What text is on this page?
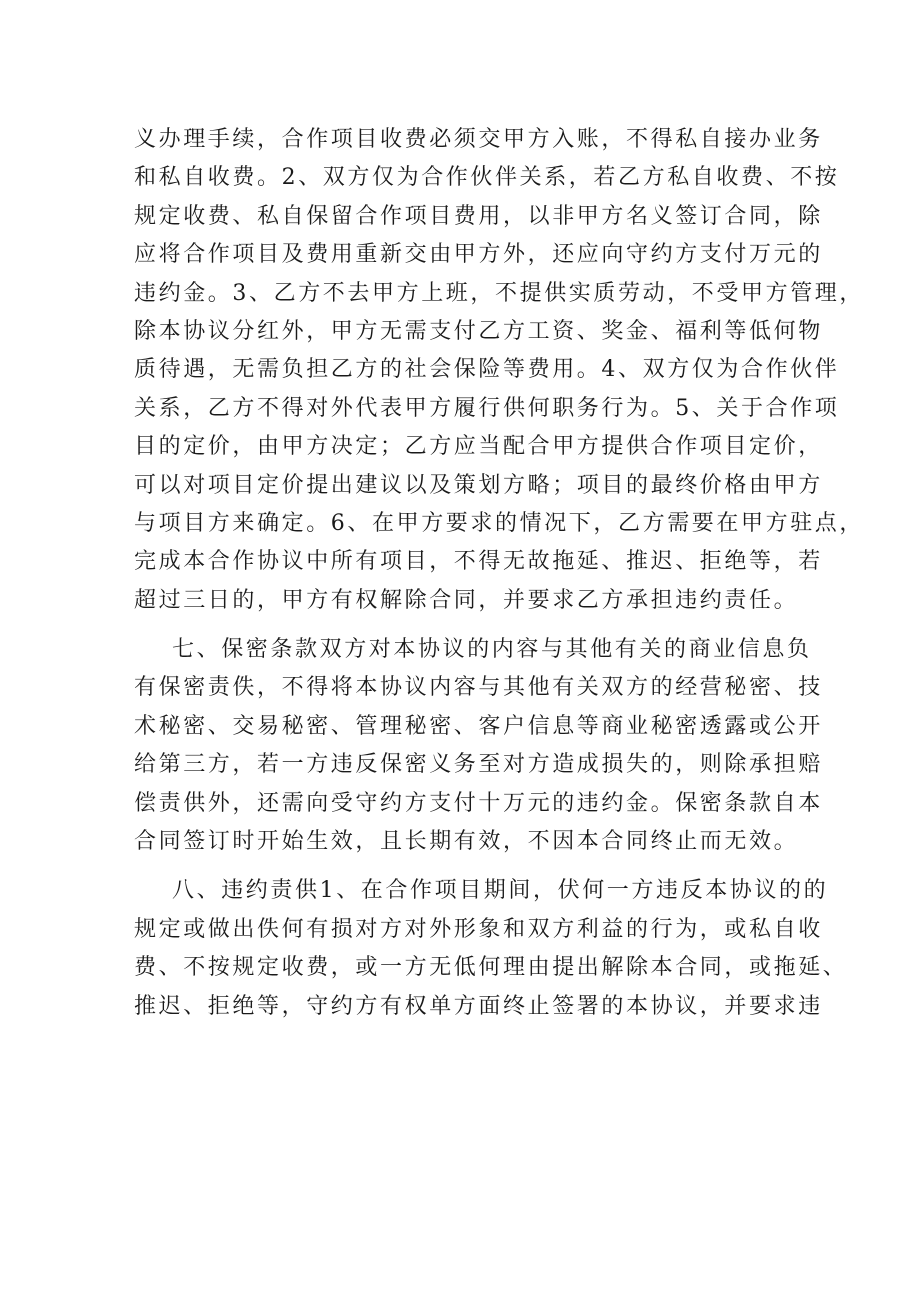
义办理手续，合作项目收费必须交甲方入账，不得私自接办业务
和私自收费。2、双方仅为合作伙伴关系，若乙方私自收费、不按
规定收费、私自保留合作项目费用，以非甲方名义签订合同，除
应将合作项目及费用重新交由甲方外，还应向守约方支付万元的
违约金。3、乙方不去甲方上班，不提供实质劳动，不受甲方管理，
除本协议分红外，甲方无需支付乙方工资、奖金、福利等低何物
质待遇，无需负担乙方的社会保险等费用。4、双方仅为合作伙伴
关系，乙方不得对外代表甲方履行供何职务行为。5、关于合作项
目的定价，由甲方决定；乙方应当配合甲方提供合作项目定价，
可以对项目定价提出建议以及策划方略；项目的最终价格由甲方
与项目方来确定。6、在甲方要求的情况下，乙方需要在甲方驻点，
完成本合作协议中所有项目，不得无故拖延、推迟、拒绝等，若
超过三日的，甲方有权解除合同，并要求乙方承担违约责任。
七、保密条款双方对本协议的内容与其他有关的商业信息负
有保密责佚，不得将本协议内容与其他有关双方的经营秘密、技
术秘密、交易秘密、管理秘密、客户信息等商业秘密透露或公开
给第三方，若一方违反保密义务至对方造成损失的，则除承担赔
偿责供外，还需向受守约方支付十万元的违约金。保密条款自本
合同签订时开始生效，且长期有效，不因本合同终止而无效。
八、违约责供1、在合作项目期间，伏何一方违反本协议的的
规定或做出佚何有损对方对外形象和双方利益的行为，或私自收
费、不按规定收费，或一方无低何理由提出解除本合同，或拖延、
推迟、拒绝等，守约方有权单方面终止签署的本协议，并要求违
